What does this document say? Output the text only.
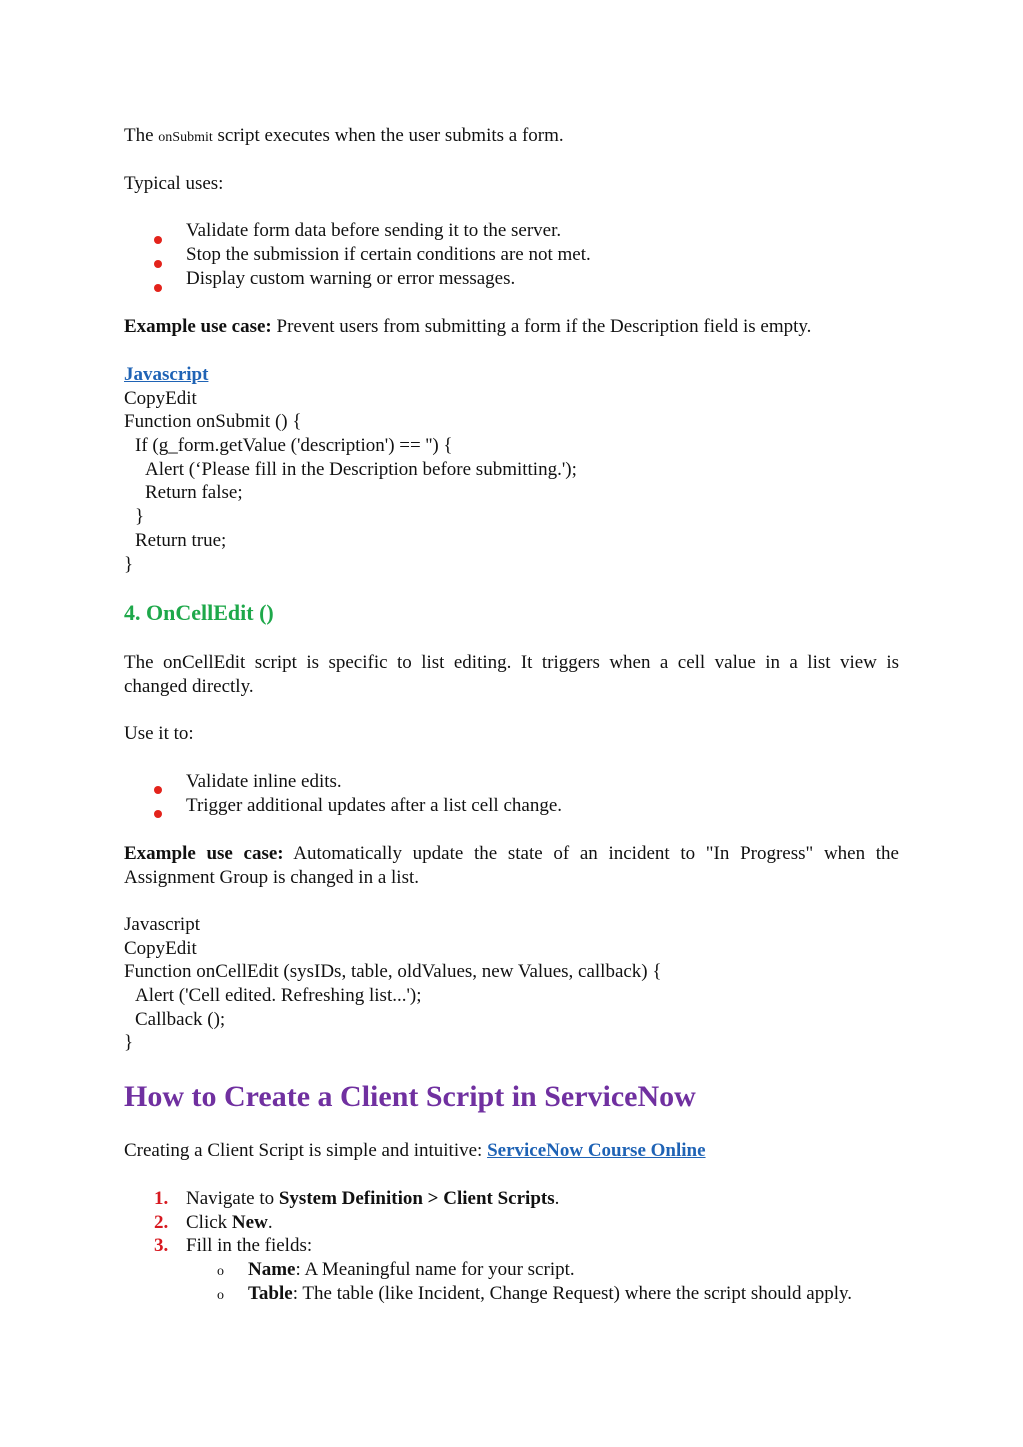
The onSubmit script executes when the user submits a form.
Typical uses:
Validate form data before sending it to the server.
Stop the submission if certain conditions are not met.
Display custom warning or error messages.
Example use case: Prevent users from submitting a form if the Description field is empty.
Javascript
CopyEdit
Function onSubmit () {
If (g_form.getValue ('description') == '') {
Alert (‘Please fill in the Description before submitting.');
Return false;
}
Return true;
}
4. OnCellEdit ()
The onCellEdit script is specific to list editing. It triggers when a cell value in a list view is
changed directly.
Use it to:
Validate inline edits.
Trigger additional updates after a list cell change.
Example use case: Automatically update the state of an incident to "In Progress" when the
Assignment Group is changed in a list.
Javascript
CopyEdit
Function onCellEdit (sysIDs, table, oldValues, new Values, callback) {
Alert ('Cell edited. Refreshing list...');
Callback ();
}
How to Create a Client Script in ServiceNow
Creating a Client Script is simple and intuitive: ServiceNow Course Online
1. Navigate to System Definition > Client Scripts.
2. Click New.
3. Fill in the fields:
o Name: A Meaningful name for your script.
o Table: The table (like Incident, Change Request) where the script should apply.
